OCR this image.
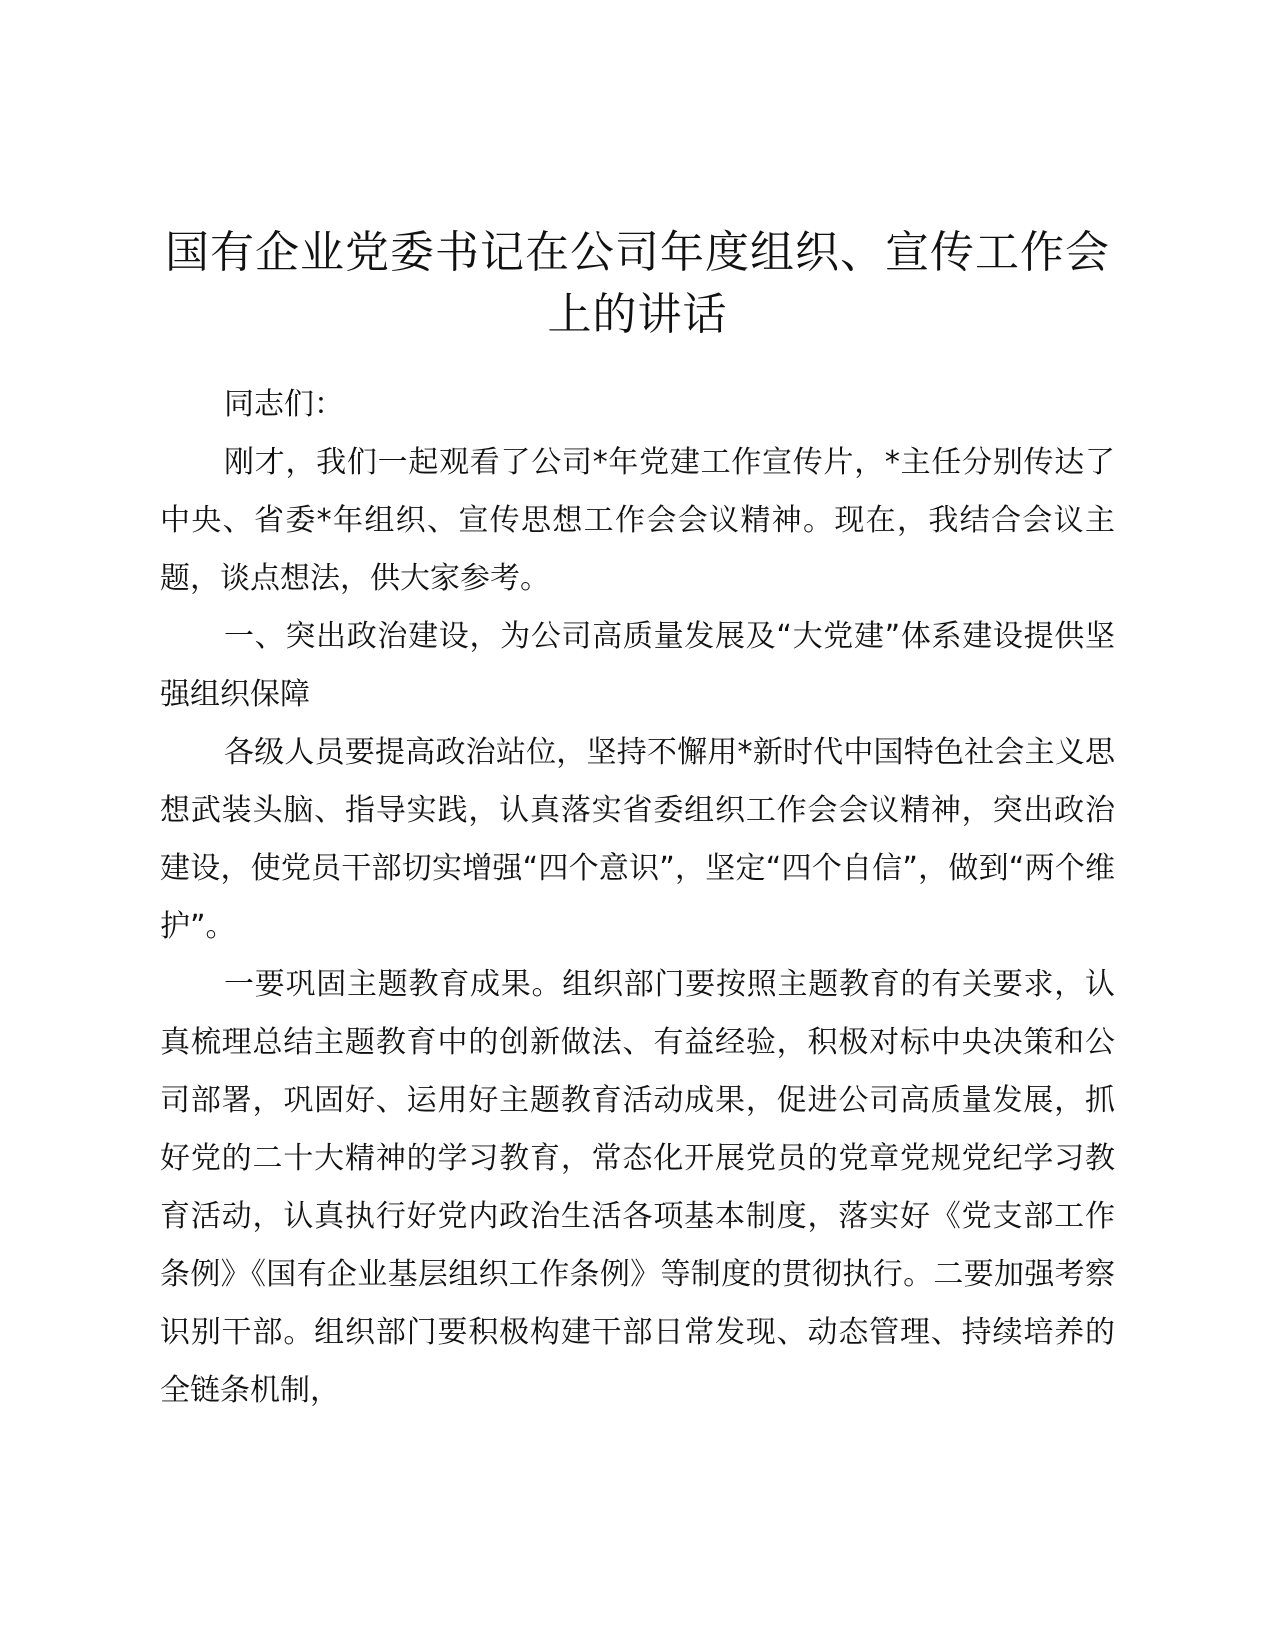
国有企业党委书记在公司年度组织、宣传工作会上的讲话

同志们：

刚才，我们一起观看了公司*年党建工作宣传片，*主任分别传达了中央、省委*年组织、宣传思想工作会会议精神。现在，我结合会议主题，谈点想法，供大家参考。

一、突出政治建设，为公司高质量发展及“大党建”体系建设提供坚强组织保障

各级人员要提高政治站位，坚持不懈用*新时代中国特色社会主义思想武装头脑、指导实践，认真落实省委组织工作会会议精神，突出政治建设，使党员干部切实增强“四个意识”，坚定“四个自信”，做到“两个维护”。

一要巩固主题教育成果。组织部门要按照主题教育的有关要求，认真梳理总结主题教育中的创新做法、有益经验，积极对标中央决策和公司部署，巩固好、运用好主题教育活动成果，促进公司高质量发展，抓好党的二十大精神的学习教育，常态化开展党员的党章党规党纪学习教育活动，认真执行好党内政治生活各项基本制度，落实好《党支部工作条例》《国有企业基层组织工作条例》等制度的贯彻执行。二要加强考察识别干部。组织部门要积极构建干部日常发现、动态管理、持续培养的全链条机制，
